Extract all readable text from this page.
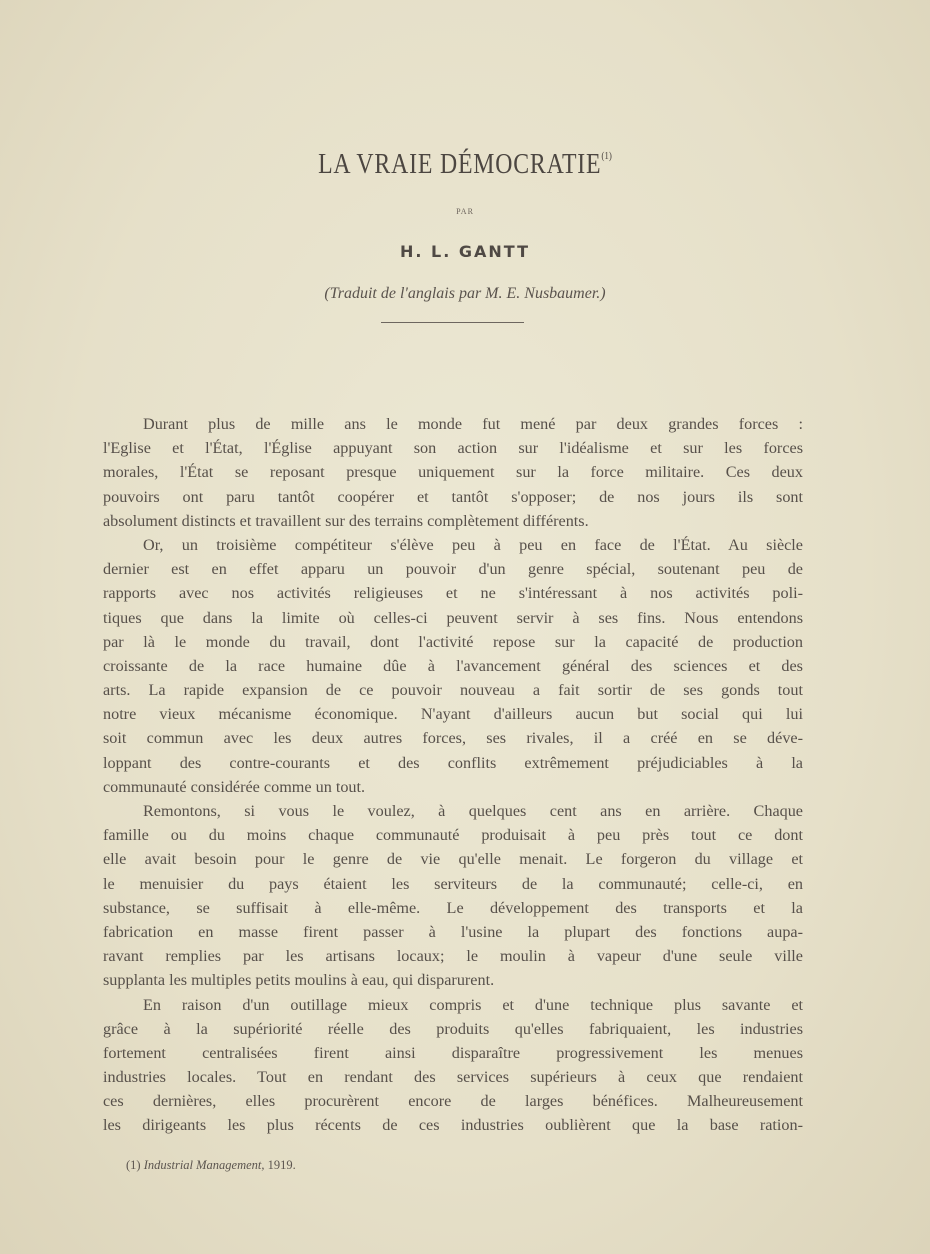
LA VRAIE DÉMOCRATIE$^{(1)}$
PAR
H. L. GANTT
(Traduit de l'anglais par M. E. Nusbaumer.)
Durant plus de mille ans le monde fut mené par deux grandes forces :
l'Eglise et l'État, l'Église appuyant son action sur l'idéalisme et sur les forces
morales, l'État se reposant presque uniquement sur la force militaire. Ces deux
pouvoirs ont paru tantôt coopérer et tantôt s'opposer; de nos jours ils sont
absolument distincts et travaillent sur des terrains complètement différents.
Or, un troisième compétiteur s'élève peu à peu en face de l'État. Au siècle
dernier est en effet apparu un pouvoir d'un genre spécial, soutenant peu de
rapports avec nos activités religieuses et ne s'intéressant à nos activités poli-
tiques que dans la limite où celles-ci peuvent servir à ses fins. Nous entendons
par là le monde du travail, dont l'activité repose sur la capacité de production
croissante de la race humaine dûe à l'avancement général des sciences et des
arts. La rapide expansion de ce pouvoir nouveau a fait sortir de ses gonds tout
notre vieux mécanisme économique. N'ayant d'ailleurs aucun but social qui lui
soit commun avec les deux autres forces, ses rivales, il a créé en se déve-
loppant des contre-courants et des conflits extrêmement préjudiciables à la
communauté considérée comme un tout.
Remontons, si vous le voulez, à quelques cent ans en arrière. Chaque
famille ou du moins chaque communauté produisait à peu près tout ce dont
elle avait besoin pour le genre de vie qu'elle menait. Le forgeron du village et
le menuisier du pays étaient les serviteurs de la communauté; celle-ci, en
substance, se suffisait à elle-même. Le développement des transports et la
fabrication en masse firent passer à l'usine la plupart des fonctions aupa-
ravant remplies par les artisans locaux; le moulin à vapeur d'une seule ville
supplanta les multiples petits moulins à eau, qui disparurent.
En raison d'un outillage mieux compris et d'une technique plus savante et
grâce à la supériorité réelle des produits qu'elles fabriquaient, les industries
fortement centralisées firent ainsi disparaître progressivement les menues
industries locales. Tout en rendant des services supérieurs à ceux que rendaient
ces dernières, elles procurèrent encore de larges bénéfices. Malheureusement
les dirigeants les plus récents de ces industries oublièrent que la base ration-
(1) Industrial Management, 1919.
